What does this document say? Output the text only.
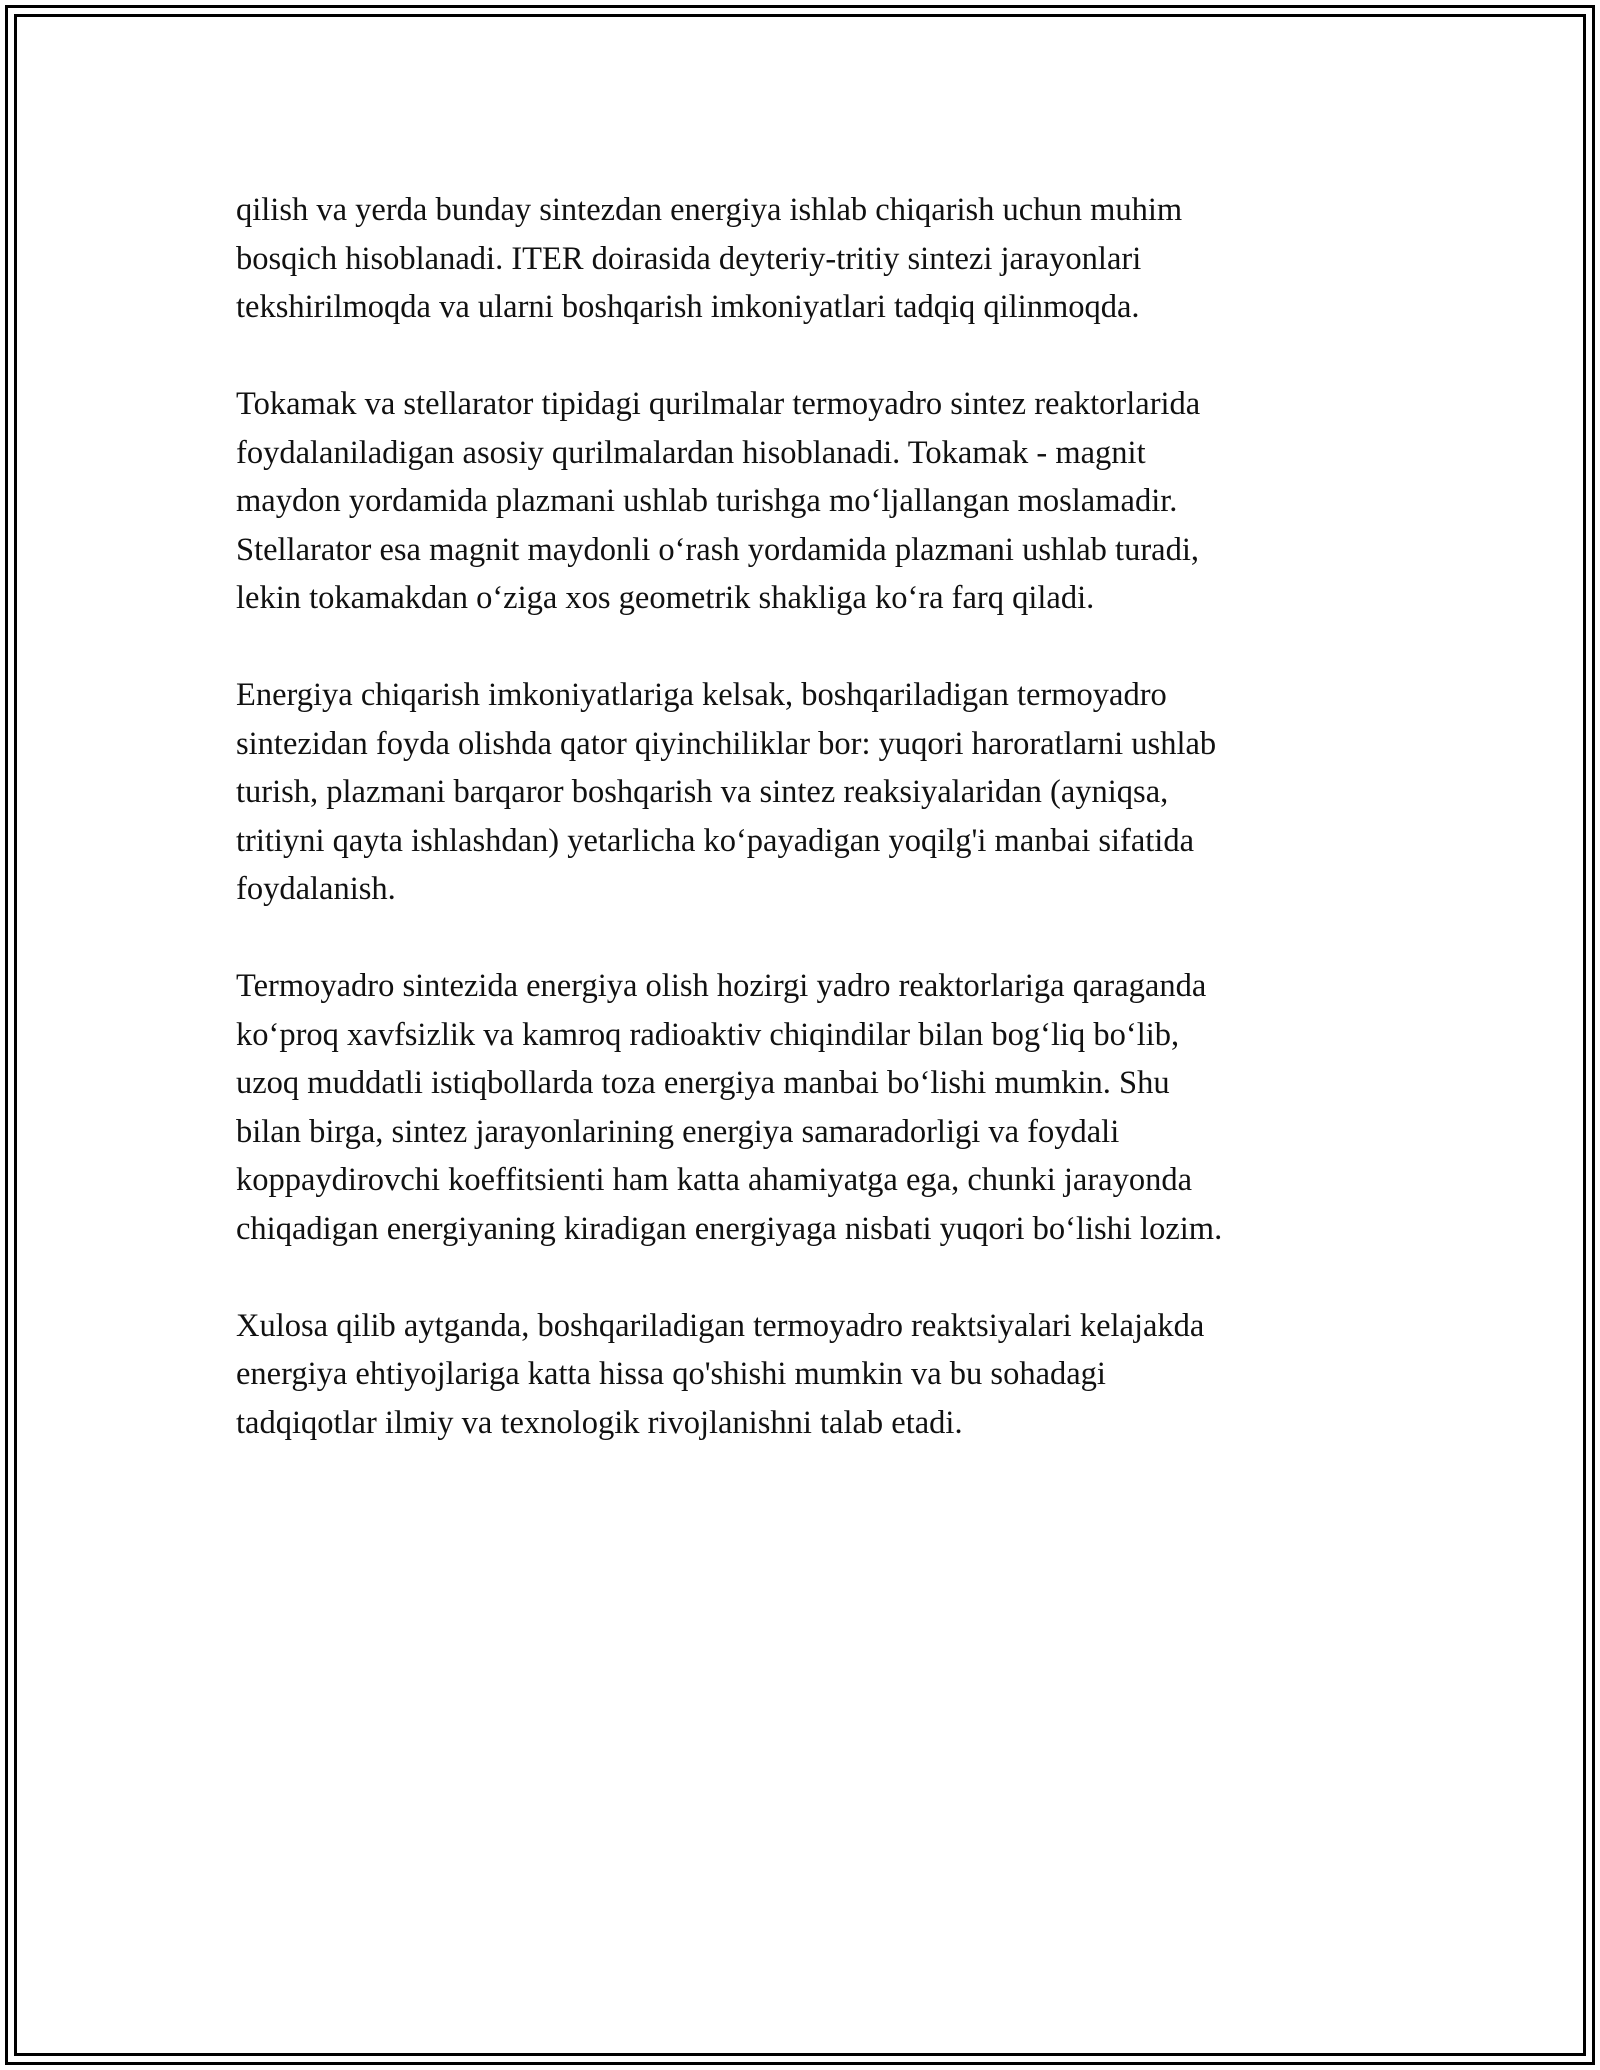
qilish va yerda bunday sintezdan energiya ishlab chiqarish uchun muhim
bosqich hisoblanadi. ITER doirasida deyteriy-tritiy sintezi jarayonlari
tekshirilmoqda va ularni boshqarish imkoniyatlari tadqiq qilinmoqda.

Tokamak va stellarator tipidagi qurilmalar termoyadro sintez reaktorlarida
foydalaniladigan asosiy qurilmalardan hisoblanadi. Tokamak - magnit
maydon yordamida plazmani ushlab turishga mo‘ljallangan moslamadir.
Stellarator esa magnit maydonli o‘rash yordamida plazmani ushlab turadi,
lekin tokamakdan o‘ziga xos geometrik shakliga ko‘ra farq qiladi.

Energiya chiqarish imkoniyatlariga kelsak, boshqariladigan termoyadro
sintezidan foyda olishda qator qiyinchiliklar bor: yuqori haroratlarni ushlab
turish, plazmani barqaror boshqarish va sintez reaksiyalaridan (ayniqsa,
tritiyni qayta ishlashdan) yetarlicha ko‘payadigan yoqilg'i manbai sifatida
foydalanish.

Termoyadro sintezida energiya olish hozirgi yadro reaktorlariga qaraganda
ko‘proq xavfsizlik va kamroq radioaktiv chiqindilar bilan bog‘liq bo‘lib,
uzoq muddatli istiqbollarda toza energiya manbai bo‘lishi mumkin. Shu
bilan birga, sintez jarayonlarining energiya samaradorligi va foydali
koppaydirovchi koeffitsienti ham katta ahamiyatga ega, chunki jarayonda
chiqadigan energiyaning kiradigan energiyaga nisbati yuqori bo‘lishi lozim.

Xulosa qilib aytganda, boshqariladigan termoyadro reaktsiyalari kelajakda
energiya ehtiyojlariga katta hissa qo'shishi mumkin va bu sohadagi
tadqiqotlar ilmiy va texnologik rivojlanishni talab etadi.
